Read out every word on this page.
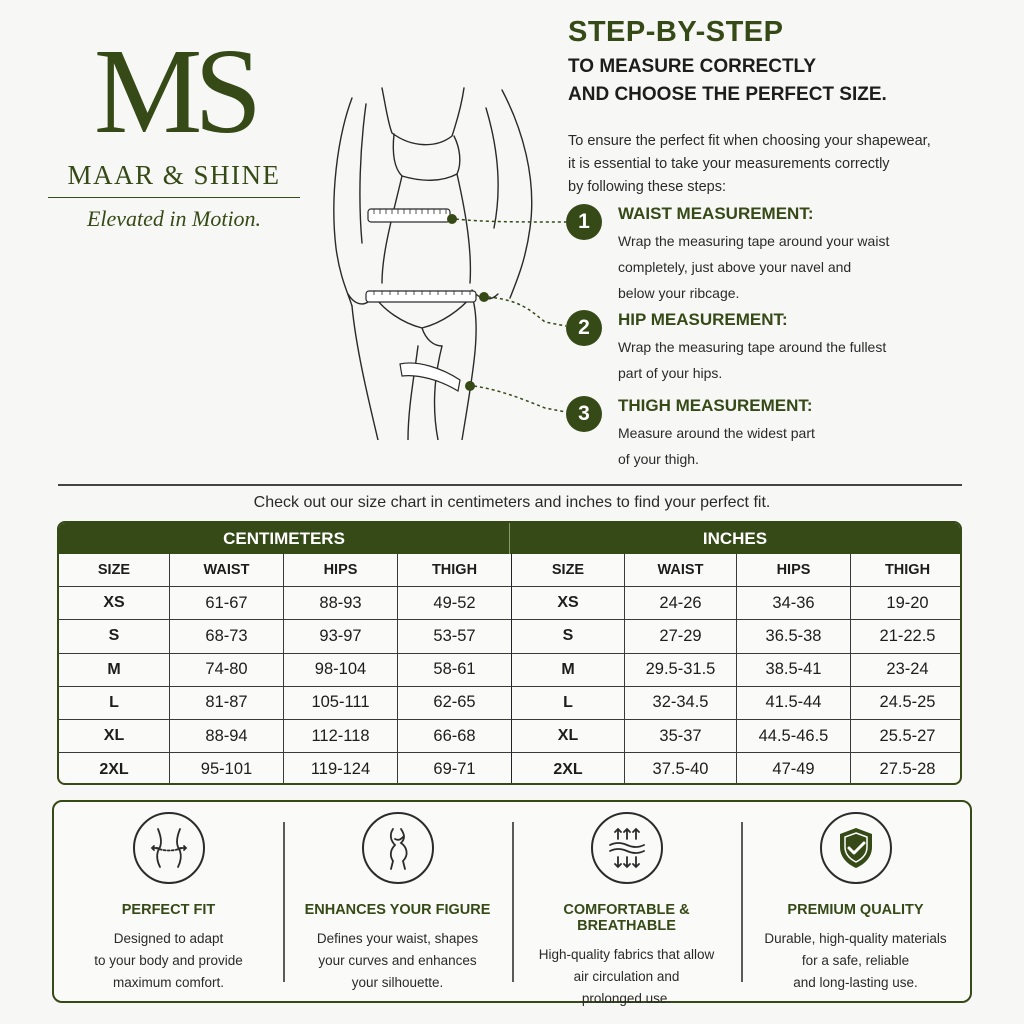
MS
MAAR & SHINE
Elevated in Motion.
STEP-BY-STEP
TO MEASURE CORRECTLY
AND CHOOSE THE PERFECT SIZE.
To ensure the perfect fit when choosing your shapewear,
it is essential to take your measurements correctly
by following these steps:
1	WAIST MEASUREMENT:
Wrap the measuring tape around your waist
completely, just above your navel and
below your ribcage.
2	HIP MEASUREMENT:
Wrap the measuring tape around the fullest
part of your hips.
3	THIGH MEASUREMENT:
Measure around the widest part
of your thigh.
Check out our size chart in centimeters and inches to find your perfect fit.
CENTIMETERS	INCHES
SIZE	WAIST	HIPS	THIGH	SIZE	WAIST	HIPS	THIGH
XS	61-67	88-93	49-52	XS	24-26	34-36	19-20
S	68-73	93-97	53-57	S	27-29	36.5-38	21-22.5
M	74-80	98-104	58-61	M	29.5-31.5	38.5-41	23-24
L	81-87	105-111	62-65	L	32-34.5	41.5-44	24.5-25
XL	88-94	112-118	66-68	XL	35-37	44.5-46.5	25.5-27
2XL	95-101	119-124	69-71	2XL	37.5-40	47-49	27.5-28
PERFECT FIT
Designed to adapt
to your body and provide
maximum comfort.
ENHANCES YOUR FIGURE
Defines your waist, shapes
your curves and enhances
your silhouette.
COMFORTABLE & BREATHABLE
High-quality fabrics that allow
air circulation and
prolonged use.
PREMIUM QUALITY
Durable, high-quality materials
for a safe, reliable
and long-lasting use.
